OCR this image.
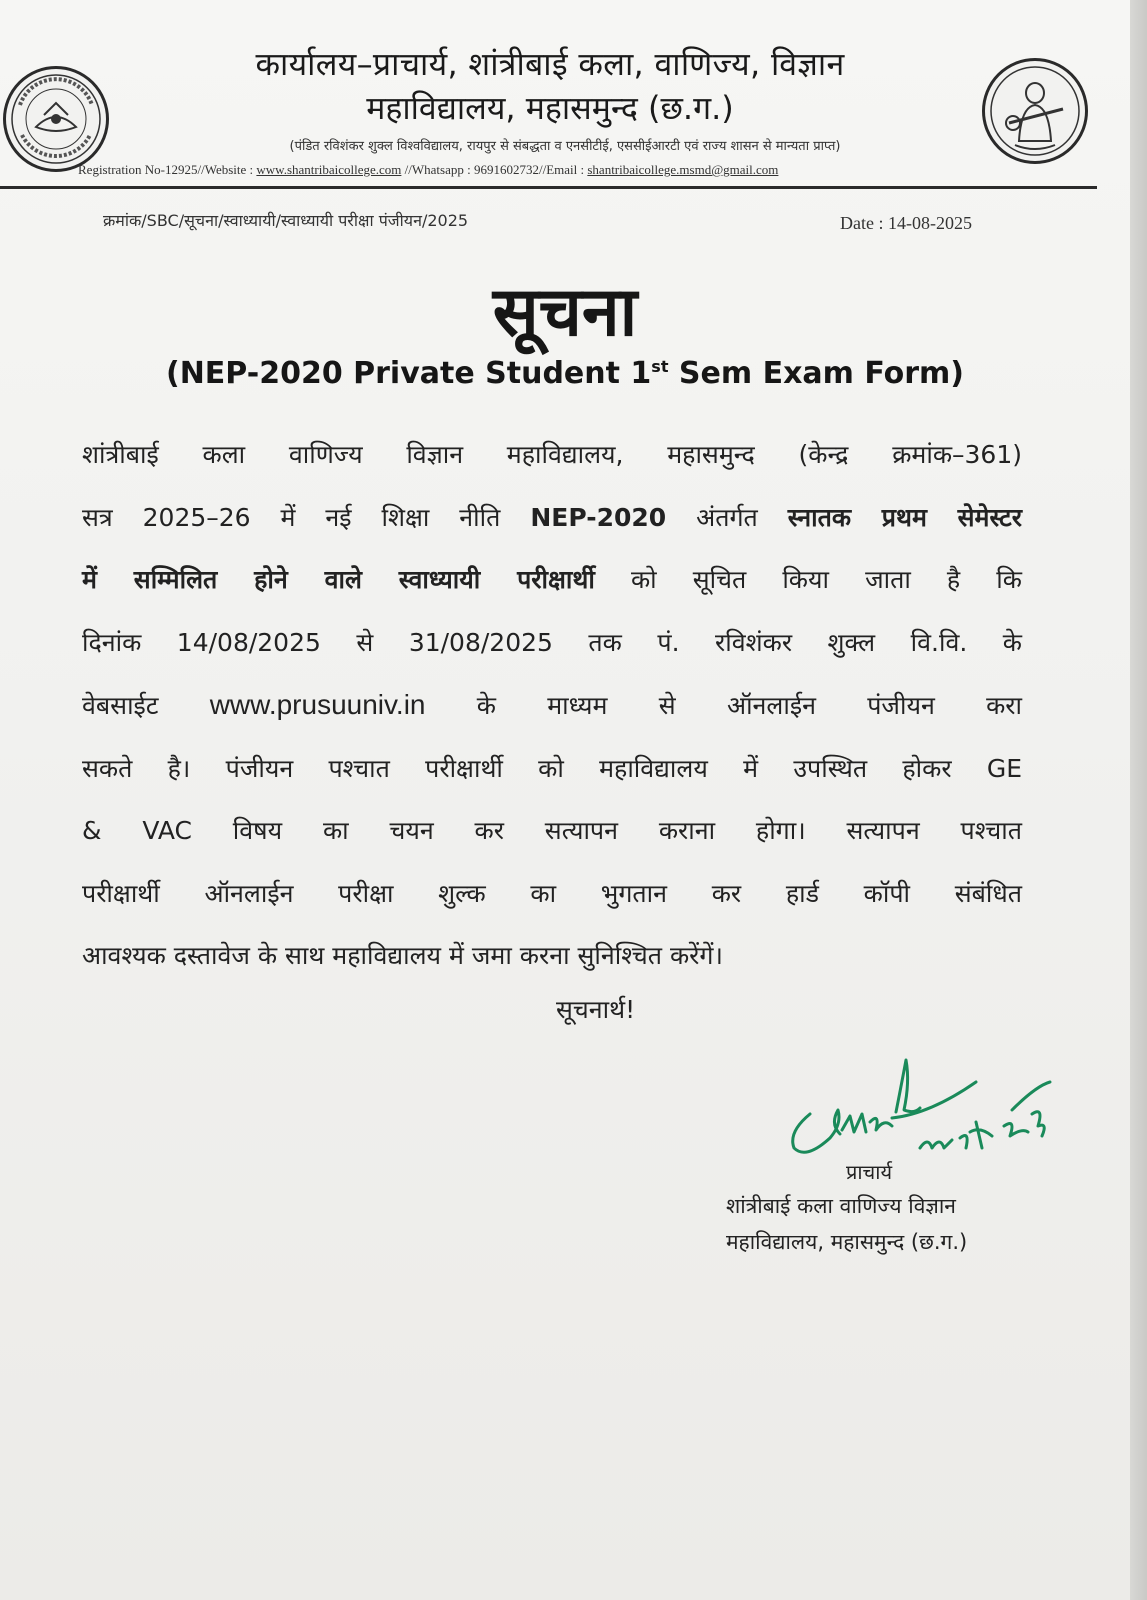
कार्यालय–प्राचार्य, शांत्रीबाई कला, वाणिज्य, विज्ञान
महाविद्यालय, महासमुन्द (छ.ग.)
(पंडित रविशंकर शुक्ल विश्वविद्यालय, रायपुर से संबद्धता व एनसीटीई, एससीईआरटी एवं राज्य शासन से मान्यता प्राप्त)
Registration No-12925//Website : www.shantribaicollege.com //Whatsapp : 9691602732//Email : shantribaicollege.msmd@gmail.com
क्रमांक/SBC/सूचना/स्वाध्यायी/स्वाध्यायी परीक्षा पंजीयन/2025	Date : 14-08-2025
सूचना
(NEP-2020 Private Student 1st Sem Exam Form)
शांत्रीबाई कला वाणिज्य विज्ञान महाविद्यालय, महासमुन्द (केन्द्र क्रमांक–361)
सत्र 2025–26 में नई शिक्षा नीति NEP-2020 अंतर्गत स्नातक प्रथम सेमेस्टर
में सम्मिलित होने वाले स्वाध्यायी परीक्षार्थी को सूचित किया जाता है कि
दिनांक 14/08/2025 से 31/08/2025 तक पं. रविशंकर शुक्ल वि.वि. के
वेबसाईट www.prusuuniv.in के माध्यम से ऑनलाईन पंजीयन करा
सकते है। पंजीयन पश्चात परीक्षार्थी को महाविद्यालय में उपस्थित होकर GE
& VAC विषय का चयन कर सत्यापन कराना होगा। सत्यापन पश्चात
परीक्षार्थी ऑनलाईन परीक्षा शुल्क का भुगतान कर हार्ड कॉपी संबंधित
आवश्यक दस्तावेज के साथ महाविद्यालय में जमा करना सुनिश्चित करेंगें।
सूचनार्थ!
प्राचार्य
शांत्रीबाई कला वाणिज्य विज्ञान
महाविद्यालय, महासमुन्द (छ.ग.)
